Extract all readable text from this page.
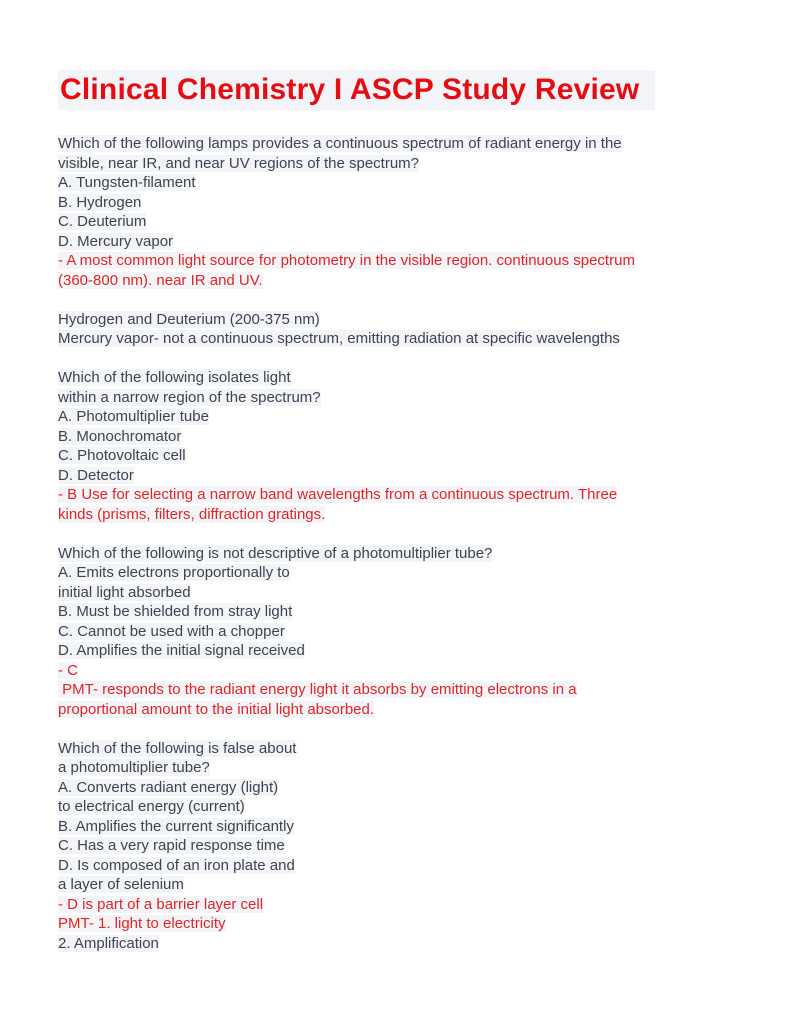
Clinical Chemistry I ASCP Study Review
Which of the following lamps provides a continuous spectrum of radiant energy in the
visible, near IR, and near UV regions of the spectrum?
A. Tungsten-filament
B. Hydrogen
C. Deuterium
D. Mercury vapor
- A most common light source for photometry in the visible region. continuous spectrum
(360-800 nm). near IR and UV.
Hydrogen and Deuterium (200-375 nm)
Mercury vapor- not a continuous spectrum, emitting radiation at specific wavelengths
Which of the following isolates light
within a narrow region of the spectrum?
A. Photomultiplier tube
B. Monochromator
C. Photovoltaic cell
D. Detector
- B Use for selecting a narrow band wavelengths from a continuous spectrum. Three
kinds (prisms, filters, diffraction gratings.
Which of the following is not descriptive of a photomultiplier tube?
A. Emits electrons proportionally to
initial light absorbed
B. Must be shielded from stray light
C. Cannot be used with a chopper
D. Amplifies the initial signal received
- C
PMT- responds to the radiant energy light it absorbs by emitting electrons in a
proportional amount to the initial light absorbed.
Which of the following is false about
a photomultiplier tube?
A. Converts radiant energy (light)
to electrical energy (current)
B. Amplifies the current significantly
C. Has a very rapid response time
D. Is composed of an iron plate and
a layer of selenium
- D is part of a barrier layer cell
PMT- 1. light to electricity
2. Amplification
